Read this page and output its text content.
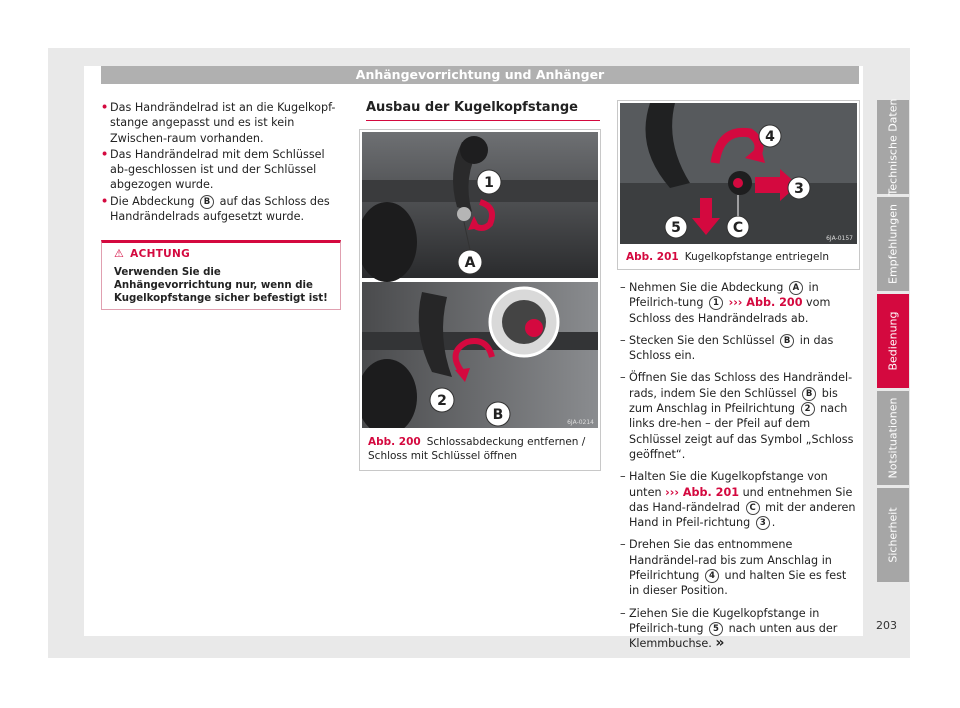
Anhängevorrichtung und Anhänger
• Das Handrändelrad ist an die Kugelkopf-stange angepasst und es ist kein Zwischen-raum vorhanden.
• Das Handrändelrad mit dem Schlüssel ab-geschlossen ist und der Schlüssel abgezogen wurde.
• Die Abdeckung B auf das Schloss des Handrändelrads aufgesetzt wurde.
⚠ ACHTUNG
Verwenden Sie die Anhängevorrichtung nur, wenn die Kugelkopfstange sicher befestigt ist!
Ausbau der Kugelkopfstange
1
A
2
B	6JA-0214
Abb. 200 Schlossabdeckung entfernen / Schloss mit Schlüssel öffnen
4
3
5	C
6JA-0157
Abb. 201 Kugelkopfstange entriegeln
– Nehmen Sie die Abdeckung A in Pfeilrich-tung 1 ››› Abb. 200 vom Schloss des Handrändelrads ab.
– Stecken Sie den Schlüssel B in das Schloss ein.
– Öffnen Sie das Schloss des Handrändel-rads, indem Sie den Schlüssel B bis zum Anschlag in Pfeilrichtung 2 nach links dre-hen – der Pfeil auf dem Schlüssel zeigt auf das Symbol „Schloss geöffnet“.
– Halten Sie die Kugelkopfstange von unten ››› Abb. 201 und entnehmen Sie das Hand-rändelrad C mit der anderen Hand in Pfeil-richtung 3 .
– Drehen Sie das entnommene Handrändel-rad bis zum Anschlag in Pfeilrichtung 4 und halten Sie es fest in dieser Position.
– Ziehen Sie die Kugelkopfstange in Pfeilrich-tung 5 nach unten aus der Klemmbuchse. »
Technische Daten
Empfehlungen
Bedienung
Notsituationen
Sicherheit
203
